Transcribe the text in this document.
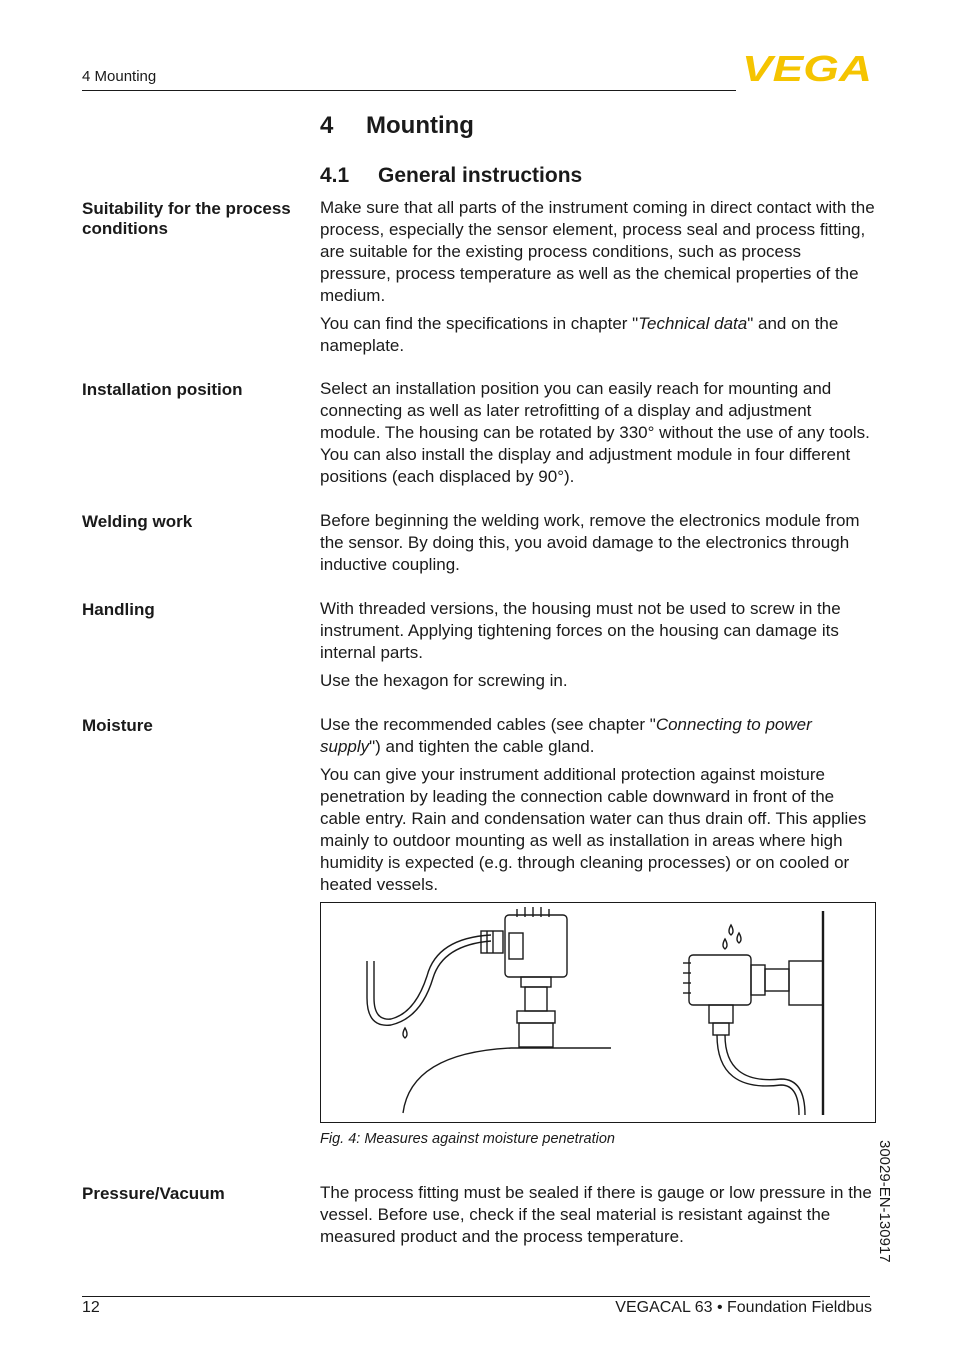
4 Mounting	VEGA
4 Mounting
4.1 General instructions
Suitability for the process conditions

Make sure that all parts of the instrument coming in direct contact with the process, especially the sensor element, process seal and process fitting, are suitable for the existing process conditions, such as process pressure, process temperature as well as the chemical properties of the medium.

You can find the specifications in chapter "Technical data" and on the nameplate.

Installation position	Select an installation position you can easily reach for mounting and connecting as well as later retrofitting of a display and adjustment module. The housing can be rotated by 330° without the use of any tools. You can also install the display and adjustment module in four different positions (each displaced by 90°).

Welding work	Before beginning the welding work, remove the electronics module from the sensor. By doing this, you avoid damage to the electronics through inductive coupling.

Handling	With threaded versions, the housing must not be used to screw in the instrument. Applying tightening forces on the housing can damage its internal parts.

Use the hexagon for screwing in.

Moisture	Use the recommended cables (see chapter "Connecting to power supply") and tighten the cable gland.

You can give your instrument additional protection against moisture penetration by leading the connection cable downward in front of the cable entry. Rain and condensation water can thus drain off. This applies mainly to outdoor mounting as well as installation in areas where high humidity is expected (e.g. through cleaning processes) or on cooled or heated vessels.

Fig. 4: Measures against moisture penetration
Pressure/Vacuum	The process fitting must be sealed if there is gauge or low pressure in the vessel. Before use, check if the seal material is resistant against the measured product and the process temperature.	30029-EN-130917
12	VEGACAL 63 • Foundation Fieldbus
